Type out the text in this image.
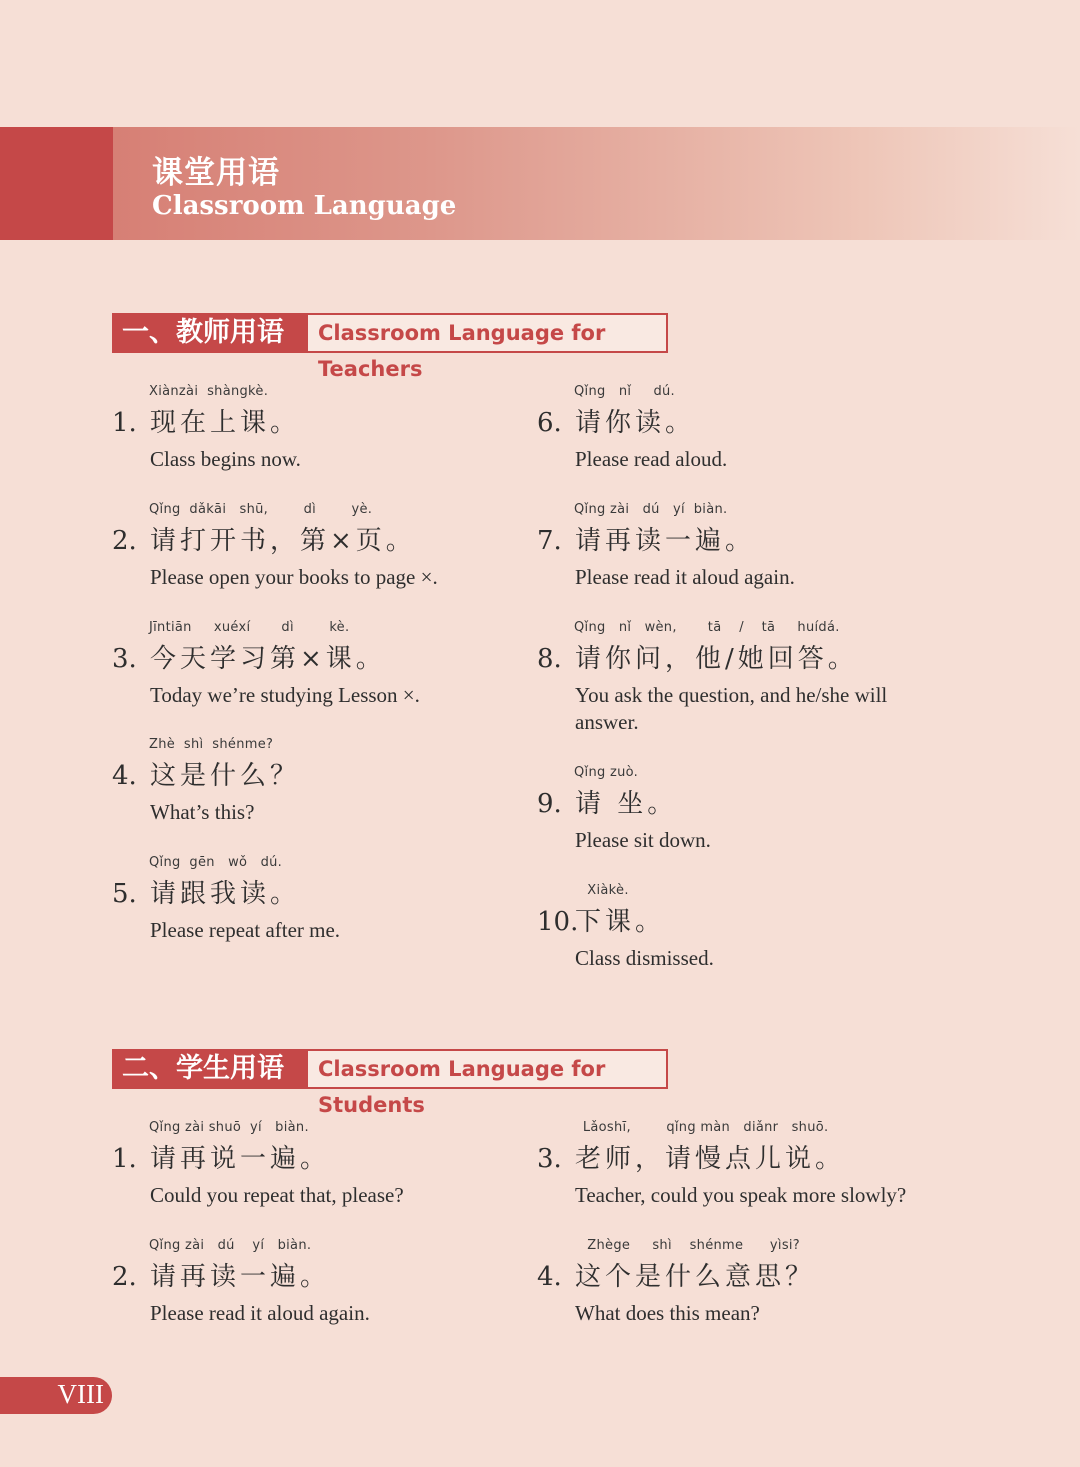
课堂用语
Classroom Language
一、教师用语	Classroom Language for Teachers
Xiànzài  shàngkè.
1. 现在上课。
Class begins now.
Qǐng  dǎkāi   shū,        dì        yè.
2. 请打开书，第×页。
Please open your books to page ×.
Jīntiān     xuéxí       dì        kè.
3. 今天学习第×课。
Today we’re studying Lesson ×.
Zhè  shì  shénme?
4. 这是什么？
What’s this?
Qǐng  gēn   wǒ   dú.
5. 请跟我读。
Please repeat after me.
Qǐng   nǐ     dú.
6. 请你读。
Please read aloud.
Qǐng zài   dú   yí  biàn.
7. 请再读一遍。
Please read it aloud again.
Qǐng   nǐ   wèn,       tā    /    tā     huídá.
8. 请你问，他/她回答。
You ask the question, and he/she will answer.
Qǐng zuò.
9. 请 坐。
Please sit down.
Xiàkè.
10.下课。
Class dismissed.
二、学生用语	Classroom Language for Students
Qǐng zài shuō  yí   biàn.
1. 请再说一遍。
Could you repeat that, please?
Qǐng zài   dú    yí   biàn.
2. 请再读一遍。
Please read it aloud again.
Lǎoshī,        qǐng màn   diǎnr   shuō.
3. 老师，请慢点儿说。
Teacher, could you speak more slowly?
Zhège     shì    shénme      yìsi?
4. 这个是什么意思？
What does this mean?
VIII
